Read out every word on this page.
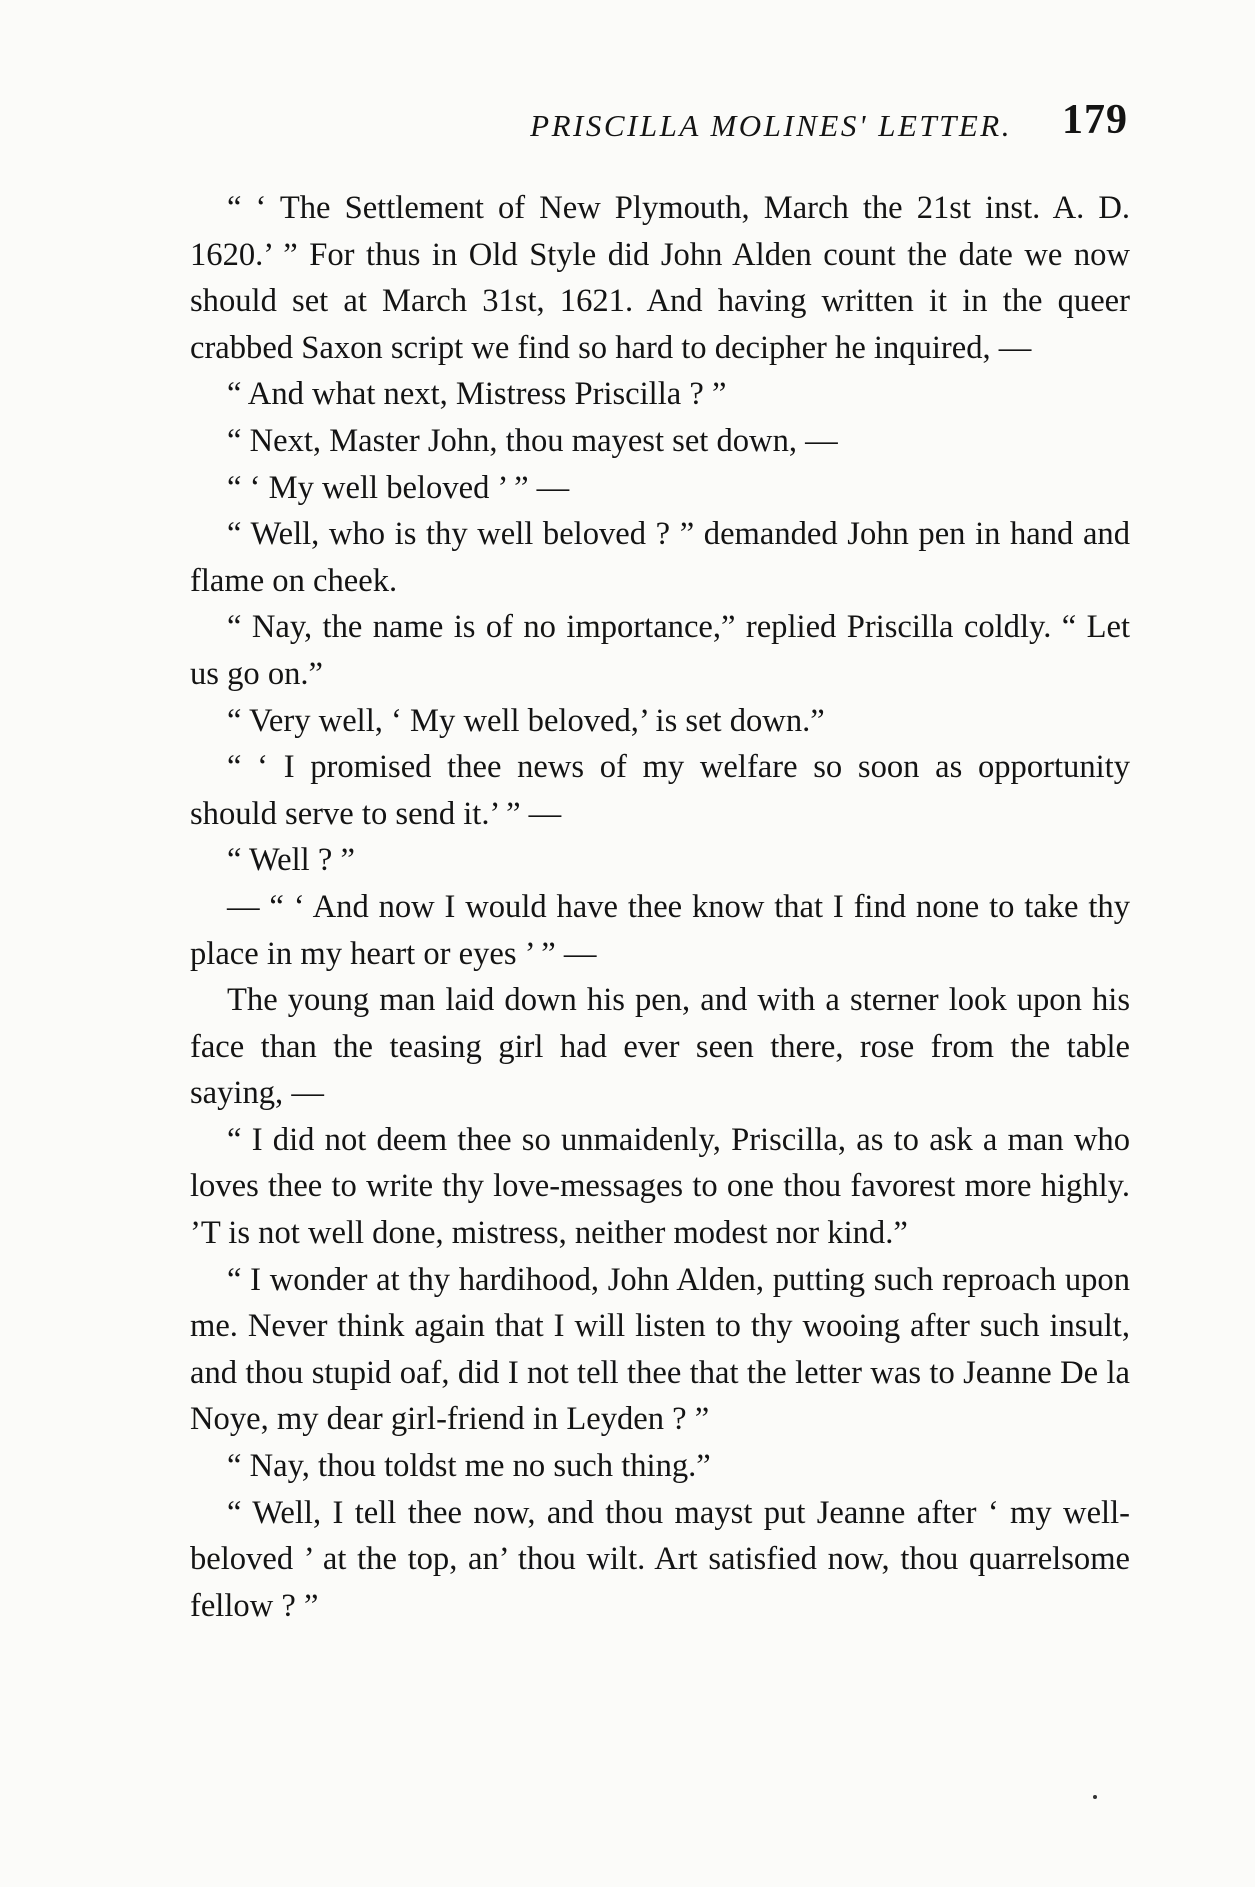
PRISCILLA MOLINES' LETTER. 179

“ ‘ The Settlement of New Plymouth, March the 21st inst. A. D. 1620.’ ” For thus in Old Style did John Alden count the date we now should set at March 31st, 1621. And having written it in the queer crabbed Saxon script we find so hard to decipher he inquired, —

“ And what next, Mistress Priscilla ? ”

“ Next, Master John, thou mayest set down, —

“ ‘ My well beloved ’ ” —

“ Well, who is thy well beloved ? ” demanded John pen in hand and flame on cheek.

“ Nay, the name is of no importance,” replied Priscilla coldly. “ Let us go on.”

“ Very well, ‘ My well beloved,’ is set down.”

“ ‘ I promised thee news of my welfare so soon as opportunity should serve to send it.’ ” —

“ Well ? ”

— “ ‘ And now I would have thee know that I find none to take thy place in my heart or eyes ’ ” —

The young man laid down his pen, and with a sterner look upon his face than the teasing girl had ever seen there, rose from the table saying, —

“ I did not deem thee so unmaidenly, Priscilla, as to ask a man who loves thee to write thy love-messages to one thou favorest more highly. ’T is not well done, mistress, neither modest nor kind.”

“ I wonder at thy hardihood, John Alden, putting such reproach upon me. Never think again that I will listen to thy wooing after such insult, and thou stupid oaf, did I not tell thee that the letter was to Jeanne De la Noye, my dear girl-friend in Leyden ? ”

“ Nay, thou toldst me no such thing.”

“ Well, I tell thee now, and thou mayst put Jeanne after ‘ my well-beloved ’ at the top, an’ thou wilt. Art satisfied now, thou quarrelsome fellow ? ”
